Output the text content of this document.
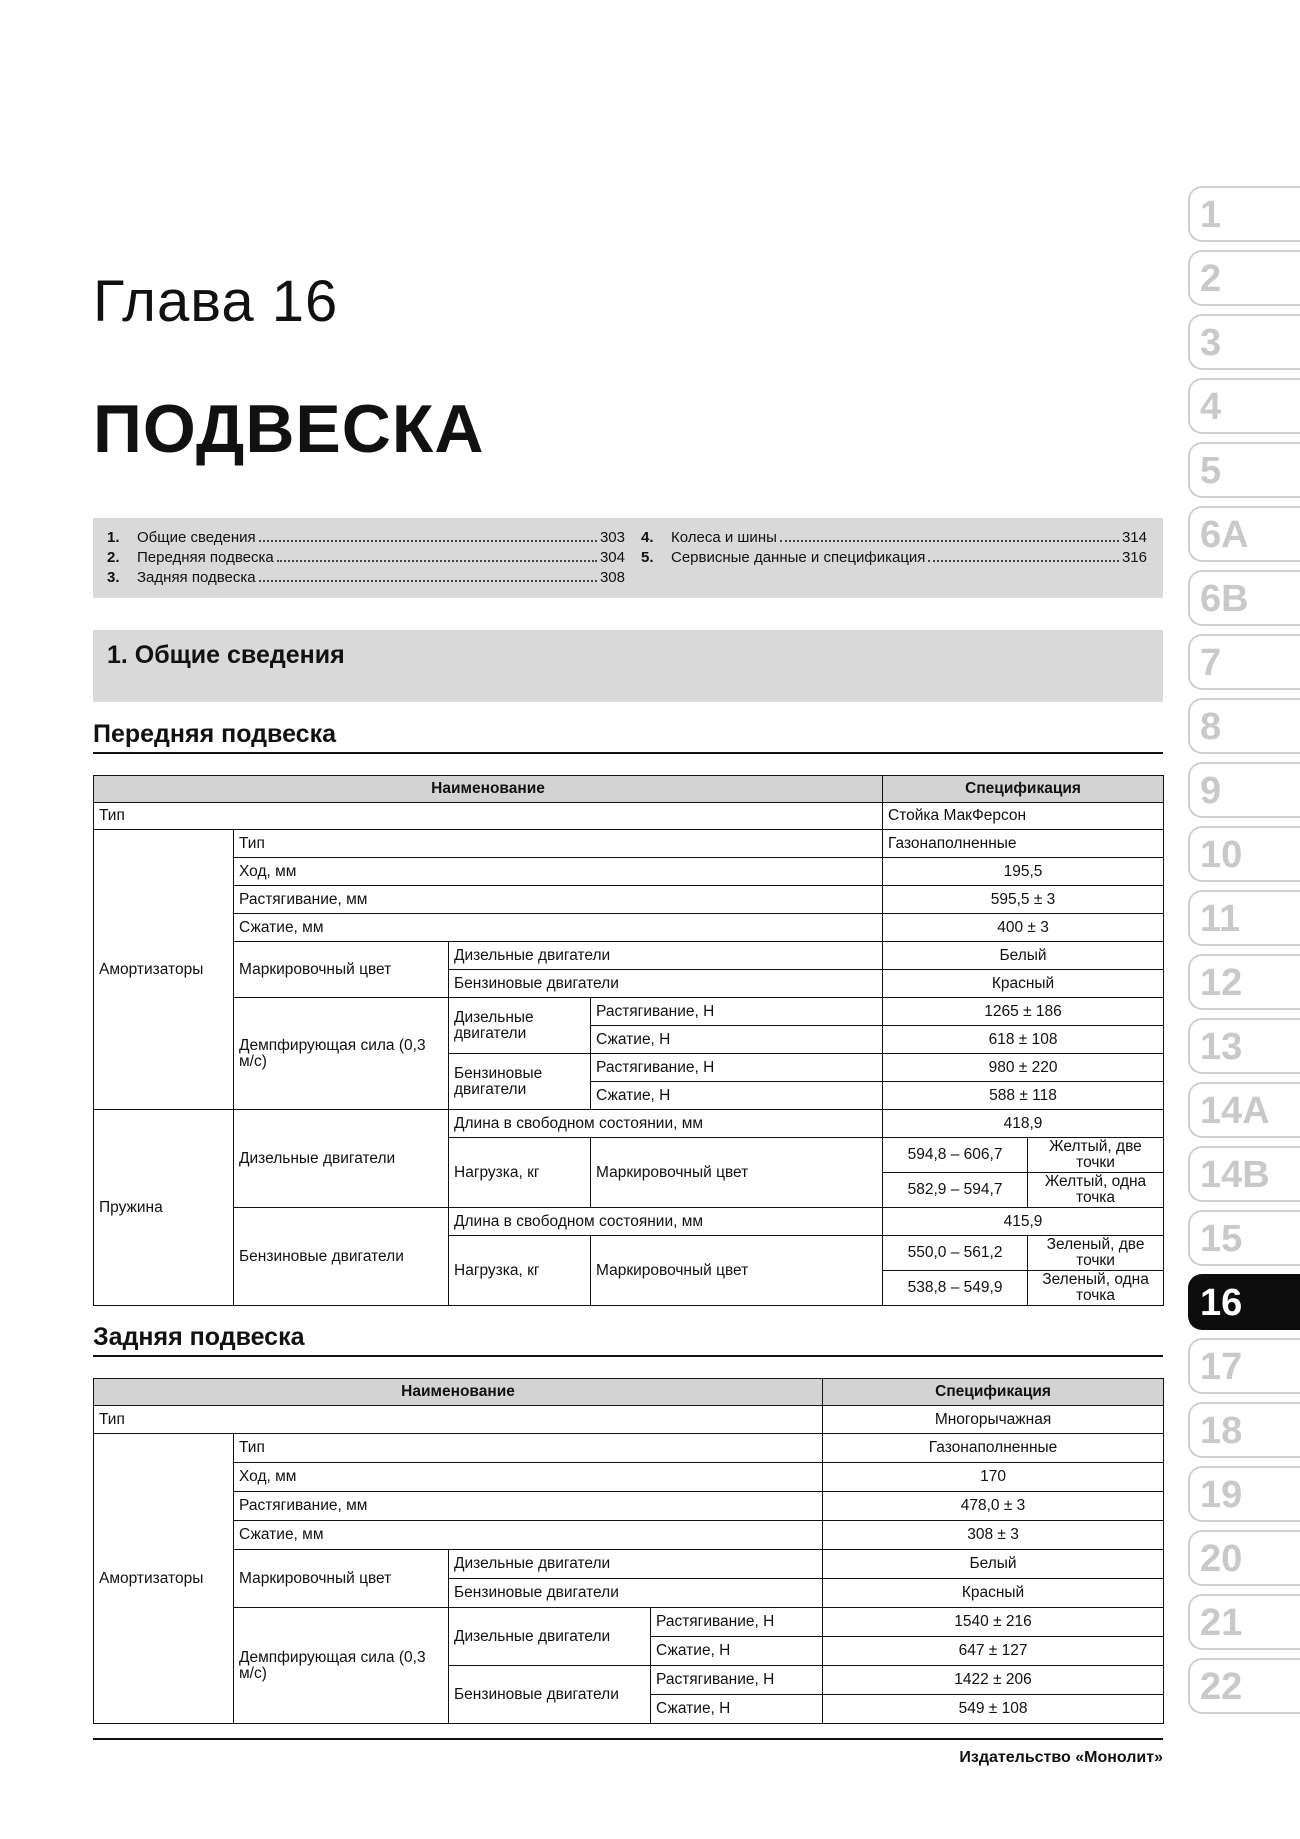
Глава 16
ПОДВЕСКА
1.	Общие сведения	303
2.	Передняя подвеска	304
3.	Задняя подвеска	308
4.	Колеса и шины	314
5.	Сервисные данные и спецификация	316
1. Общие сведения
Передняя подвеска
Наименование				Спецификация	
Тип				Стойка МакФерсон	
Амортизаторы	Тип			Газонаполненные	
	Ход, мм			195,5	
	Растягивание, мм			595,5 ± 3	
	Сжатие, мм			400 ± 3	
	Маркировочный цвет	Дизельные двигатели		Белый	
		Бензиновые двигатели		Красный	
	Демпфирующая сила (0,3 м/с)	Дизельные двигатели	Растягивание, Н	1265 ± 186	
			Сжатие, Н	618 ± 108	
		Бензиновые двигатели	Растягивание, Н	980 ± 220	
			Сжатие, Н	588 ± 118	
Пружина	Дизельные двигатели	Длина в свободном состоянии, мм		418,9	
		Нагрузка, кг	Маркировочный цвет	594,8 – 606,7	Желтый, две точки
				582,9 – 594,7	Желтый, одна точка
	Бензиновые двигатели	Длина в свободном состоянии, мм		415,9	
		Нагрузка, кг	Маркировочный цвет	550,0 – 561,2	Зеленый, две точки
				538,8 – 549,9	Зеленый, одна точка
Задняя подвеска
Наименование				Спецификация
Тип				Многорычажная
Амортизаторы	Тип			Газонаполненные
	Ход, мм			170
	Растягивание, мм			478,0 ± 3
	Сжатие, мм			308 ± 3
	Маркировочный цвет	Дизельные двигатели		Белый
		Бензиновые двигатели		Красный
	Демпфирующая сила (0,3 м/с)	Дизельные двигатели	Растягивание, Н	1540 ± 216
			Сжатие, Н	647 ± 127
		Бензиновые двигатели	Растягивание, Н	1422 ± 206
			Сжатие, Н	549 ± 108
Издательство «Монолит»
1
2
3
4
5
6A
6B
7
8
9
10
11
12
13
14A
14B
15
16
17
18
19
20
21
22
